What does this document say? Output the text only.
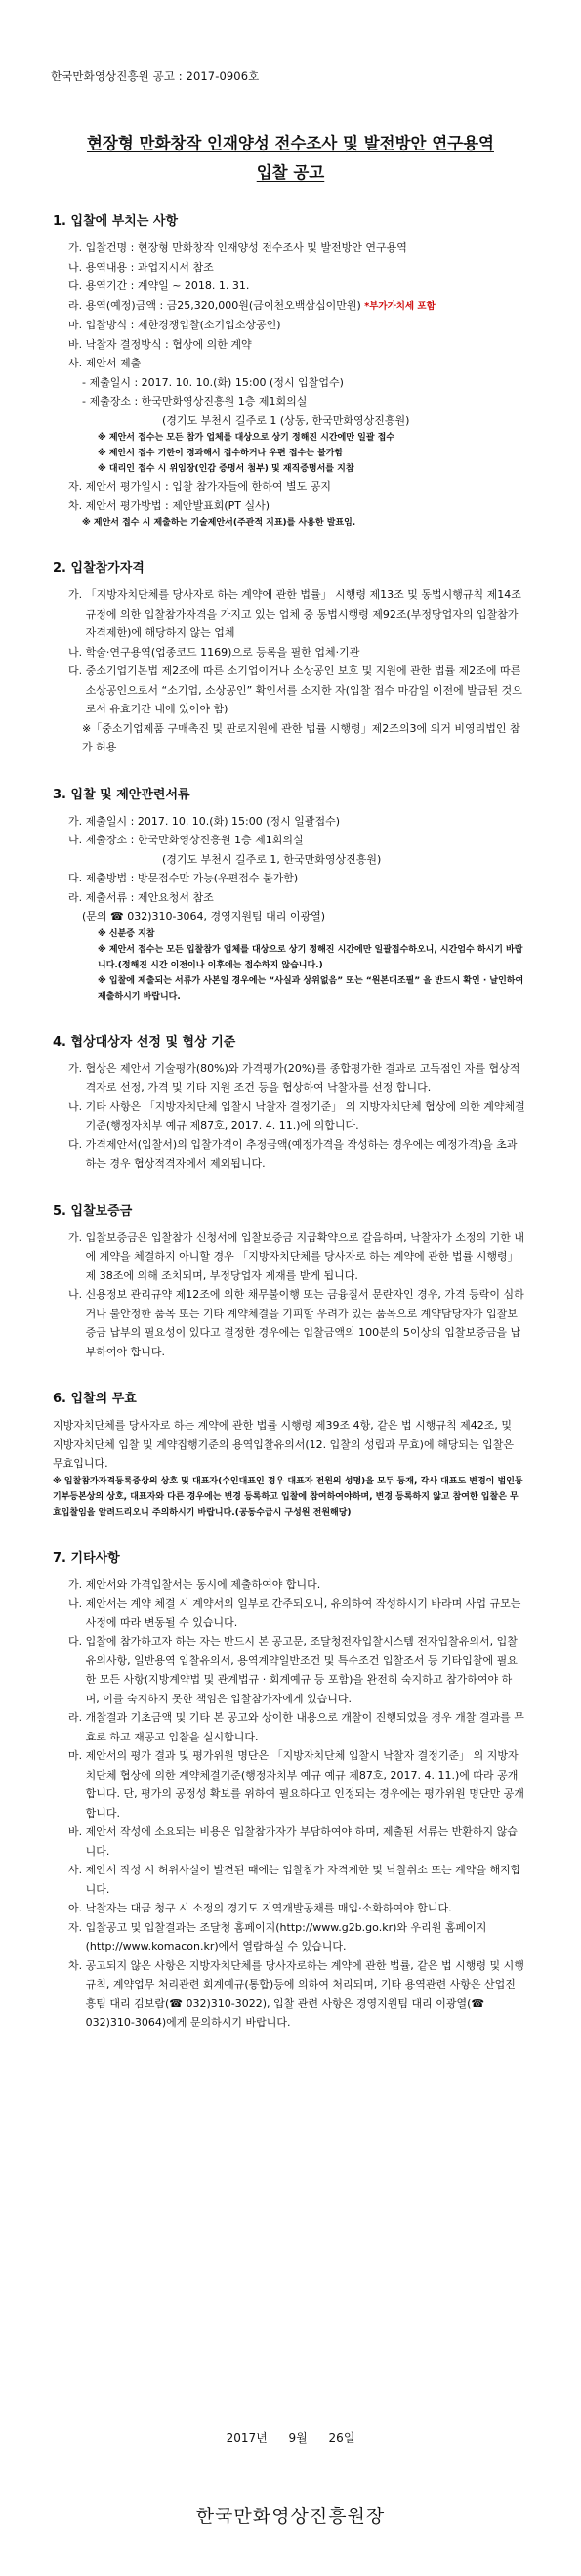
한국만화영상진흥원 공고 : 2017-0906호
현장형 만화창작 인재양성 전수조사 및 발전방안 연구용역
입찰 공고
1. 입찰에 부치는 사항
가. 입찰건명 : 현장형 만화창작 인재양성 전수조사 및 발전방안 연구용역
나. 용역내용 : 과업지시서 참조
다. 용역기간 : 계약일 ~ 2018. 1. 31.
라. 용역(예정)금액 : 금25,320,000원(금이천오백삼십이만원) *부가가치세 포함
마. 입찰방식 : 제한경쟁입찰(소기업소상공인)
바. 낙찰자 결정방식 : 협상에 의한 계약
사. 제안서 제출
- 제출일시 : 2017. 10. 10.(화) 15:00 (정시 입찰업수)
- 제출장소 : 한국만화영상진흥원 1층 제1회의실
(경기도 부천시 길주로 1 (상동, 한국만화영상진흥원)
※ 제안서 접수는 모든 참가 업체를 대상으로 상기 정해진 시간에만 일괄 접수
※ 제안서 접수 기한이 경과해서 접수하거나 우편 접수는 불가함
※ 대리인 접수 시 위임장(인감 증명서 첨부) 및 재직증명서를 지참
자. 제안서 평가일시 : 입찰 참가자들에 한하여 별도 공지
차. 제안서 평가방법 : 제안발표회(PT 실사)
※ 제안서 접수 시 제출하는 기술제안서(주관적 지표)를 사용한 발표임.
2. 입찰참가자격
가. 「지방자치단체를 당사자로 하는 계약에 관한 법률」 시행령 제13조 및 동법시행규칙 제14조 규정에 의한 입찰참가자격을 가지고 있는 업체 중 동법시행령 제92조(부정당업자의 입찰참가자격제한)에 해당하지 않는 업체
나. 학술·연구용역(업종코드 1169)으로 등록을 필한 업체·기관
다. 중소기업기본법 제2조에 따른 소기업이거나 소상공인 보호 및 지원에 관한 법률 제2조에 따른 소상공인으로서 “소기업, 소상공인” 확인서를 소지한 자(입찰 접수 마감일 이전에 발급된 것으로서 유효기간 내에 있어야 함)
※「중소기업제품 구매촉진 및 판로지원에 관한 법률 시행령」제2조의3에 의거 비영리법인 참가 허용
3. 입찰 및 제안관련서류
가. 제출일시 : 2017. 10. 10.(화) 15:00 (정시 일괄접수)
나. 제출장소 : 한국만화영상진흥원 1층 제1회의실
(경기도 부천시 길주로 1, 한국만화영상진흥원)
다. 제출방법 : 방문접수만 가능(우편접수 불가함)
라. 제출서류 : 제안요청서 참조
(문의 ☎ 032)310-3064, 경영지원팀 대리 이광열)
※ 신분증 지참
※ 제안서 접수는 모든 입찰참가 업체를 대상으로 상기 정해진 시간에만 일괄접수하오니, 시간엄수 하시기 바랍니다.(정해진 시간 이전이나 이후에는 접수하지 않습니다.)
※ 입찰에 제출되는 서류가 사본일 경우에는 “사실과 상위없음” 또는 “원본대조필” 을 반드시 확인 · 날인하여 제출하시기 바랍니다.
4. 협상대상자 선정 및 협상 기준
가. 협상은 제안서 기술평가(80%)와 가격평가(20%)를 종합평가한 결과로 고득점인 자를 협상적격자로 선정, 가격 및 기타 지원 조건 등을 협상하여 낙찰자를 선정 합니다.
나. 기타 사항은 「지방자치단체 입찰시 낙찰자 결정기준」 의 지방자치단체 협상에 의한 계약체결기준(행정자치부 예규 제87호, 2017. 4. 11.)에 의합니다.
다. 가격제안서(입찰서)의 입찰가격이 추정금액(예정가격을 작성하는 경우에는 예정가격)을 초과하는 경우 협상적격자에서 제외됩니다.
5. 입찰보증금
가. 입찰보증금은 입찰참가 신청서에 입찰보증금 지급확약으로 갈음하며, 낙찰자가 소정의 기한 내에 계약을 체결하지 아니할 경우 「지방자치단체를 당사자로 하는 계약에 관한 법률 시행령」 제 38조에 의해 조치되며, 부정당업자 제재를 받게 됩니다.
나. 신용정보 관리규약 제12조에 의한 채무불이행 또는 금융질서 문란자인 경우, 가격 등락이 심하거나 불안정한 품목 또는 기타 계약체결을 기피할 우려가 있는 품목으로 계약담당자가 입찰보증금 납부의 필요성이 있다고 결정한 경우에는 입찰금액의 100분의 5이상의 입찰보증금을 납부하여야 합니다.
6. 입찰의 무효
지방자치단체를 당사자로 하는 계약에 관한 법률 시행령 제39조 4항, 같은 법 시행규칙 제42조, 및 지방자치단체 입찰 및 계약집행기준의 용역입찰유의서(12. 입찰의 성립과 무효)에 해당되는 입찰은 무효입니다.
※ 입찰참가자격등록증상의 상호 및 대표자(수인대표인 경우 대표자 전원의 성명)을 모두 등재, 각사 대표도 변경이 법인등기부등본상의 상호, 대표자와 다른 경우에는 변경 등록하고 입찰에 참여하여야하며, 변경 등록하지 않고 참여한 입찰은 무효입찰임을 알려드리오니 주의하시기 바랍니다.(공동수급시 구성원 전원해당)
7. 기타사항
가. 제안서와 가격입찰서는 동시에 제출하여야 합니다.
나. 제안서는 계약 체결 시 계약서의 일부로 간주되오니, 유의하여 작성하시기 바라며 사업 규모는 사정에 따라 변동될 수 있습니다.
다. 입찰에 참가하고자 하는 자는 반드시 본 공고문, 조달청전자입찰시스템 전자입찰유의서, 입찰유의사항, 일반용역 입찰유의서, 용역계약일반조건 및 특수조건 입찰조서 등 기타입찰에 필요한 모든 사항(지방계약법 및 관계법규 · 회계예규 등 포함)을 완전히 숙지하고 참가하여야 하며, 이를 숙지하지 못한 책임은 입찰참가자에게 있습니다.
라. 개찰결과 기초금액 및 기타 본 공고와 상이한 내용으로 개찰이 진행되었을 경우 개찰 결과를 무효로 하고 재공고 입찰을 실시합니다.
마. 제안서의 평가 결과 및 평가위원 명단은 「지방자치단체 입찰시 낙찰자 결정기준」 의 지방자치단체 협상에 의한 계약체결기준(행정자치부 예규 예규 제87호, 2017. 4. 11.)에 따라 공개합니다. 단, 평가의 공정성 확보를 위하여 필요하다고 인정되는 경우에는 평가위원 명단만 공개합니다.
바. 제안서 작성에 소요되는 비용은 입찰참가자가 부담하여야 하며, 제출된 서류는 반환하지 않습니다.
사. 제안서 작성 시 허위사실이 발견된 때에는 입찰참가 자격제한 및 낙찰취소 또는 계약을 해지합니다.
아. 낙찰자는 대금 청구 시 소정의 경기도 지역개발공채를 매입·소화하여야 합니다.
자. 입찰공고 및 입찰결과는 조달청 홈페이지(http://www.g2b.go.kr)와 우리원 홈페이지(http://www.komacon.kr)에서 열람하실 수 있습니다.
차. 공고되지 않은 사항은 지방자치단체를 당사자로하는 계약에 관한 법률, 같은 법 시행령 및 시행규칙, 계약업무 처리관련 회계예규(통합)등에 의하여 처리되며, 기타 용역관련 사항은 산업진흥팀 대리 김보람(☎ 032)310-3022), 입찰 관련 사항은 경영지원팀 대리 이광열(☎ 032)310-3064)에게 문의하시기 바랍니다.
2017년 9월 26일
한국만화영상진흥원장
